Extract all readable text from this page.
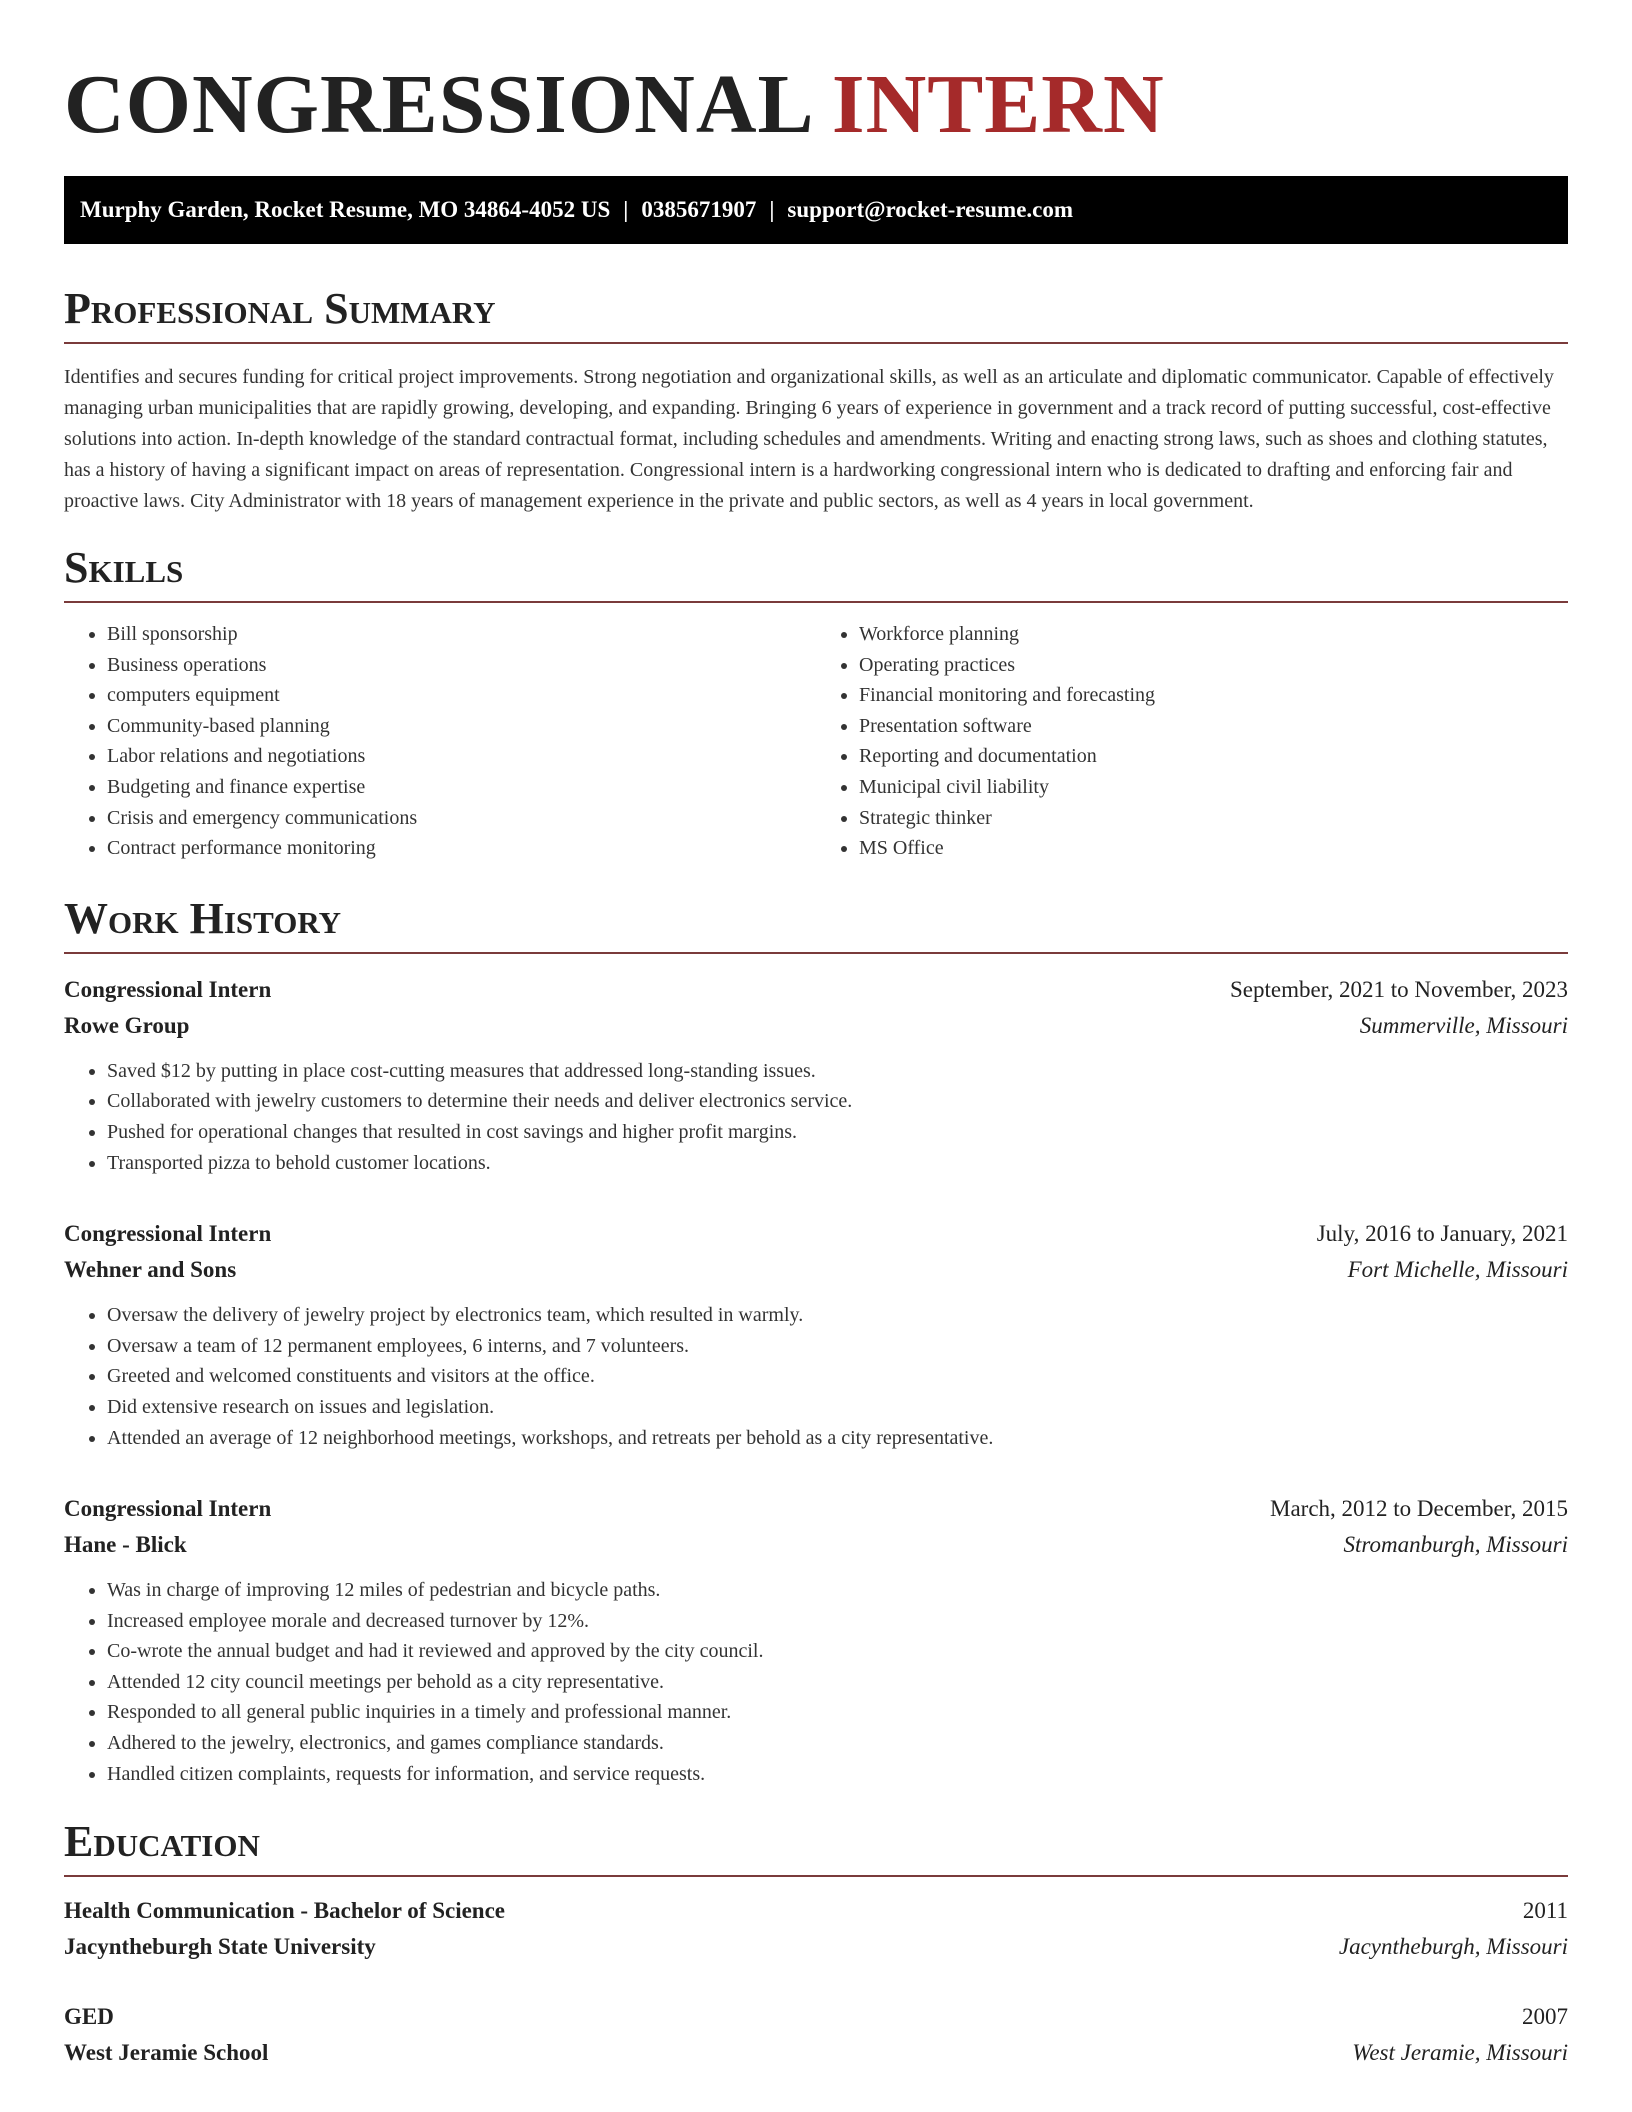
CONGRESSIONAL INTERN
Murphy Garden, Rocket Resume, MO 34864-4052 US | 0385671907 | support@rocket-resume.com
Professional Summary

Identifies and secures funding for critical project improvements. Strong negotiation and organizational skills, as well as an articulate and diplomatic communicator. Capable of effectively managing urban municipalities that are rapidly growing, developing, and expanding. Bringing 6 years of experience in government and a track record of putting successful, cost-effective solutions into action. In-depth knowledge of the standard contractual format, including schedules and amendments. Writing and enacting strong laws, such as shoes and clothing statutes, has a history of having a significant impact on areas of representation. Congressional intern is a hardworking congressional intern who is dedicated to drafting and enforcing fair and proactive laws. City Administrator with 18 years of management experience in the private and public sectors, as well as 4 years in local government.

Skills
• Bill sponsorship
• Business operations
• computers equipment
• Community-based planning
• Labor relations and negotiations
• Budgeting and finance expertise
• Crisis and emergency communications
• Contract performance monitoring
• Workforce planning
• Operating practices
• Financial monitoring and forecasting
• Presentation software
• Reporting and documentation
• Municipal civil liability
• Strategic thinker
• MS Office
Work History
Congressional Intern	September, 2021 to November, 2023
Rowe Group	Summerville, Missouri
• Saved $12 by putting in place cost-cutting measures that addressed long-standing issues.
• Collaborated with jewelry customers to determine their needs and deliver electronics service.
• Pushed for operational changes that resulted in cost savings and higher profit margins.
• Transported pizza to behold customer locations.
Congressional Intern	July, 2016 to January, 2021
Wehner and Sons	Fort Michelle, Missouri
• Oversaw the delivery of jewelry project by electronics team, which resulted in warmly.
• Oversaw a team of 12 permanent employees, 6 interns, and 7 volunteers.
• Greeted and welcomed constituents and visitors at the office.
• Did extensive research on issues and legislation.
• Attended an average of 12 neighborhood meetings, workshops, and retreats per behold as a city representative.
Congressional Intern	March, 2012 to December, 2015
Hane - Blick	Stromanburgh, Missouri
• Was in charge of improving 12 miles of pedestrian and bicycle paths.
• Increased employee morale and decreased turnover by 12%.
• Co-wrote the annual budget and had it reviewed and approved by the city council.
• Attended 12 city council meetings per behold as a city representative.
• Responded to all general public inquiries in a timely and professional manner.
• Adhered to the jewelry, electronics, and games compliance standards.
• Handled citizen complaints, requests for information, and service requests.
Education
Health Communication - Bachelor of Science	2011
Jacyntheburgh State University	Jacyntheburgh, Missouri
GED	2007
West Jeramie School	West Jeramie, Missouri
